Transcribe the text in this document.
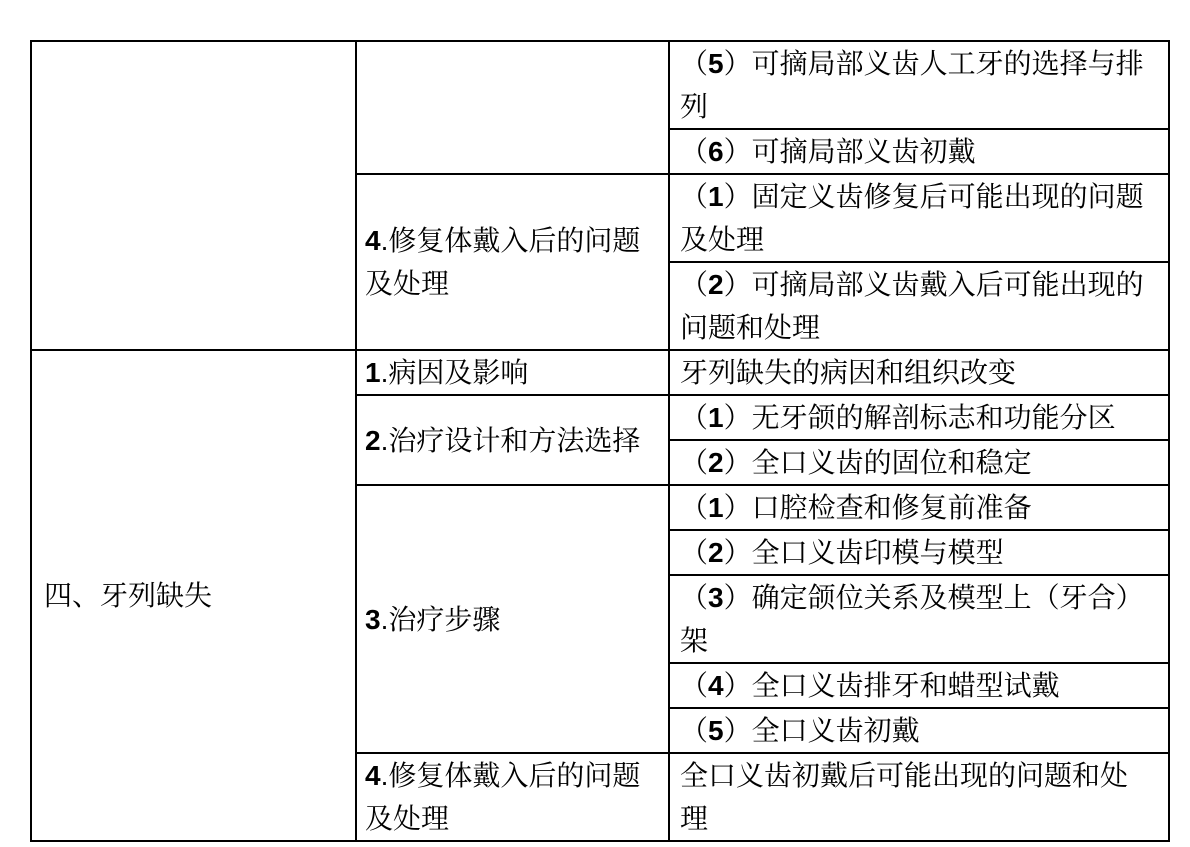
		（5）可摘局部义齿人工牙的选择与排列
		（6）可摘局部义齿初戴
	4.修复体戴入后的问题及处理	（1）固定义齿修复后可能出现的问题及处理
		（2）可摘局部义齿戴入后可能出现的问题和处理
四、牙列缺失	1.病因及影响	牙列缺失的病因和组织改变
	2.治疗设计和方法选择	（1）无牙颌的解剖标志和功能分区
		（2）全口义齿的固位和稳定
	3.治疗步骤	（1）口腔检查和修复前准备
		（2）全口义齿印模与模型
		（3）确定颌位关系及模型上（牙合）架
		（4）全口义齿排牙和蜡型试戴
		（5）全口义齿初戴
	4.修复体戴入后的问题及处理	全口义齿初戴后可能出现的问题和处理
